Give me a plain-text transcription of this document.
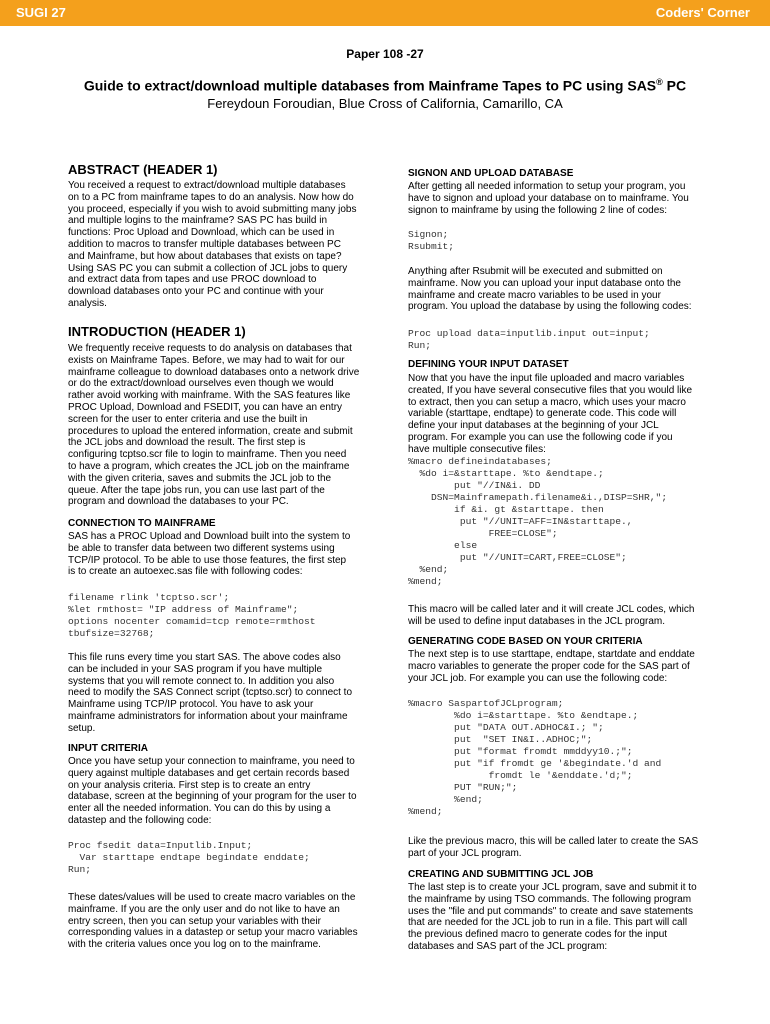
SUGI 27	Coders' Corner
Paper 108 -27
Guide to extract/download multiple databases from Mainframe Tapes to PC using SAS® PC
Fereydoun Foroudian, Blue Cross of California, Camarillo, CA
ABSTRACT (HEADER 1)
You received a request to extract/download multiple databases
on to a PC from mainframe tapes to do an analysis. Now how do
you proceed, especially if you wish to avoid submitting many jobs
and multiple logins to the mainframe? SAS PC has build in
functions: Proc Upload and Download, which can be used in
addition to macros to transfer multiple databases between PC
and Mainframe, but how about databases that exists on tape?
Using SAS PC you can submit a collection of JCL jobs to query
and extract data from tapes and use PROC download to
download databases onto your PC and continue with your
analysis.
INTRODUCTION (HEADER 1)
We frequently receive requests to do analysis on databases that
exists on Mainframe Tapes. Before, we may had to wait for our
mainframe colleague to download databases onto a network drive
or do the extract/download ourselves even though we would
rather avoid working with mainframe. With the SAS features like
PROC Upload, Download and FSEDIT, you can have an entry
screen for the user to enter criteria and use the built in
procedures to upload the entered information, create and submit
the JCL jobs and download the result. The first step is
configuring tcptso.scr file to login to mainframe. Then you need
to have a program, which creates the JCL job on the mainframe
with the given criteria, saves and submits the JCL job to the
queue. After the tape jobs run, you can use last part of the
program and download the databases to your PC.
CONNECTION TO MAINFRAME
SAS has a PROC Upload and Download built into the system to
be able to transfer data between two different systems using
TCP/IP protocol. To be able to use those features, the first step
is to create an autoexec.sas file with following codes:
filename rlink 'tcptso.scr';
%let rmthost= "IP address of Mainframe";
options nocenter comamid=tcp remote=rmthost
tbufsize=32768;
This file runs every time you start SAS. The above codes also
can be included in your SAS program if you have multiple
systems that you will remote connect to. In addition you also
need to modify the SAS Connect script (tcptso.scr) to connect to
Mainframe using TCP/IP protocol. You have to ask your
mainframe administrators for information about your mainframe
setup.
INPUT CRITERIA
Once you have setup your connection to mainframe, you need to
query against multiple databases and get certain records based
on your analysis criteria. First step is to create an entry
database, screen at the beginning of your program for the user to
enter all the needed information. You can do this by using a
datastep and the following code:
Proc fsedit data=Inputlib.Input;
Var starttape endtape begindate enddate;
Run;
These dates/values will be used to create macro variables on the
mainframe. If you are the only user and do not like to have an
entry screen, then you can setup your variables with their
corresponding values in a datastep or setup your macro variables
with the criteria values once you log on to the mainframe.
SIGNON AND UPLOAD DATABASE
After getting all needed information to setup your program, you
have to signon and upload your database on to mainframe. You
signon to mainframe by using the following 2 line of codes:
Signon;
Rsubmit;
Anything after Rsubmit will be executed and submitted on
mainframe. Now you can upload your input database onto the
mainframe and create macro variables to be used in your
program. You upload the database by using the following codes:
Proc upload data=inputlib.input out=input;
Run;
DEFINING YOUR INPUT DATASET
Now that you have the input file uploaded and macro variables
created, If you have several consecutive files that you would like
to extract, then you can setup a macro, which uses your macro
variable (starttape, endtape) to generate code. This code will
define your input databases at the beginning of your JCL
program. For example you can use the following code if you
have multiple consecutive files:
%macro defineindatabases;
%do i=&starttape. %to &endtape.;
put "//IN&i. DD
DSN=Mainframepath.filename&i.,DISP=SHR,";
if &i. gt &starttape. then
put "//UNIT=AFF=IN&starttape.,
FREE=CLOSE";
else
put "//UNIT=CART,FREE=CLOSE";
%end;
%mend;
This macro will be called later and it will create JCL codes, which
will be used to define input databases in the JCL program.
GENERATING CODE BASED ON YOUR CRITERIA
The next step is to use starttape, endtape, startdate and enddate
macro variables to generate the proper code for the SAS part of
your JCL job. For example you can use the following code:
%macro SaspartofJCLprogram;
%do i=&starttape. %to &endtape.;
put "DATA OUT.ADHOC&I.; ";
put  "SET IN&I..ADHOC;";
put "format fromdt mmddyy10.;";
put "if fromdt ge '&begindate.'d and
fromdt le '&enddate.'d;";
PUT "RUN;";
%end;
%mend;
Like the previous macro, this will be called later to create the SAS
part of your JCL program.
CREATING AND SUBMITTING JCL JOB
The last step is to create your JCL program, save and submit it to
the mainframe by using TSO commands. The following program
uses the "file and put commands" to create and save statements
that are needed for the JCL job to run in a file. This part will call
the previous defined macro to generate codes for the input
databases and SAS part of the JCL program:
